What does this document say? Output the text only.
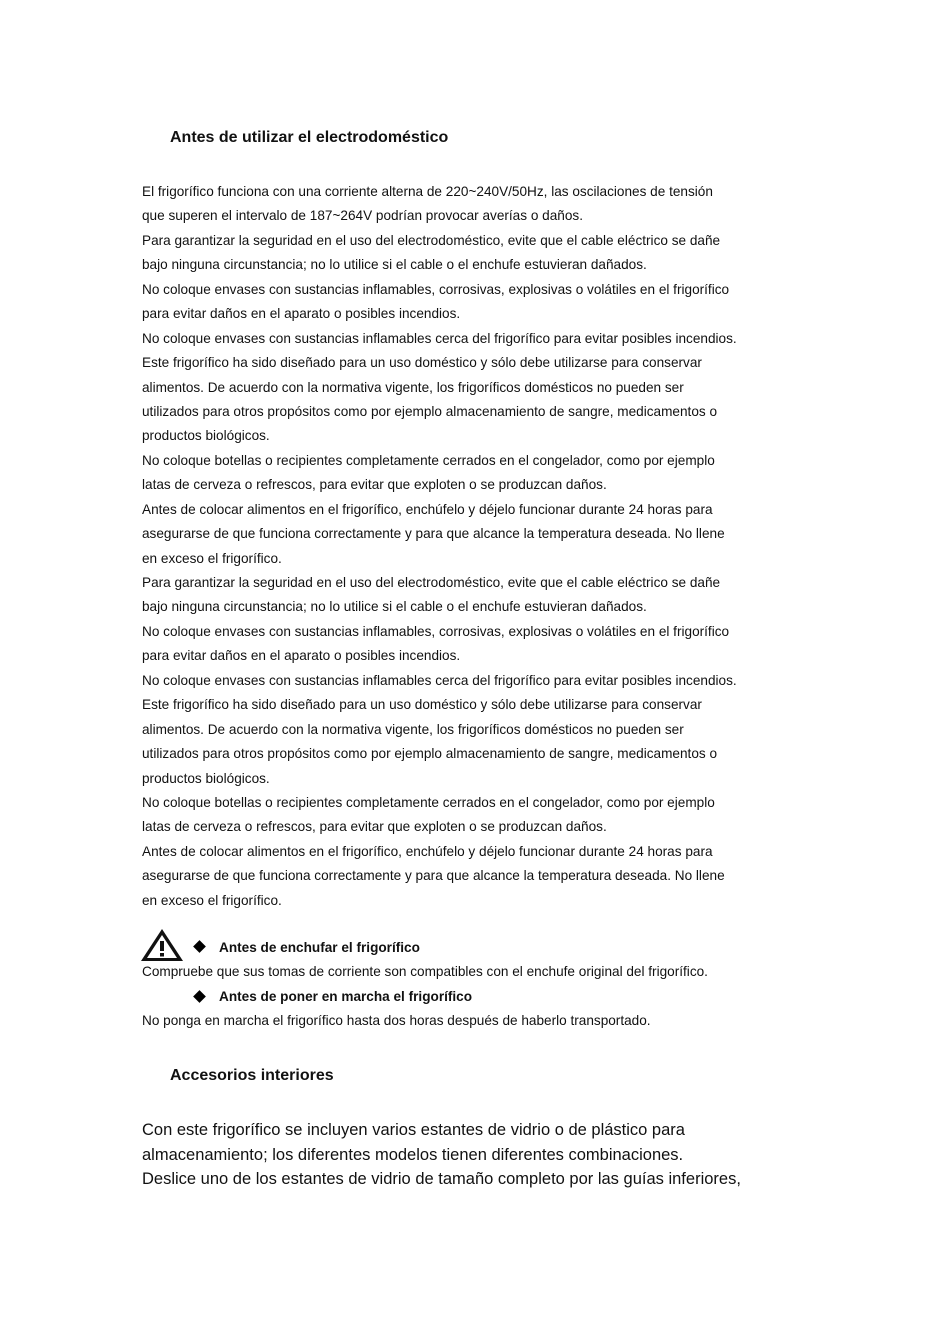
Antes de utilizar el electrodoméstico
El frigorífico funciona con una corriente alterna de 220~240V/50Hz, las oscilaciones de tensión
que superen el intervalo de 187~264V podrían provocar averías o daños.
Para garantizar la seguridad en el uso del electrodoméstico, evite que el cable eléctrico se dañe
bajo ninguna circunstancia; no lo utilice si el cable o el enchufe estuvieran dañados.
No coloque envases con sustancias inflamables, corrosivas, explosivas o volátiles en el frigorífico
para evitar daños en el aparato o posibles incendios.
No coloque envases con sustancias inflamables cerca del frigorífico para evitar posibles incendios.
Este frigorífico ha sido diseñado para un uso doméstico y sólo debe utilizarse para conservar
alimentos. De acuerdo con la normativa vigente, los frigoríficos domésticos no pueden ser
utilizados para otros propósitos como por ejemplo almacenamiento de sangre, medicamentos o
productos biológicos.
No coloque botellas o recipientes completamente cerrados en el congelador, como por ejemplo
latas de cerveza o refrescos, para evitar que exploten o se produzcan daños.
Antes de colocar alimentos en el frigorífico, enchúfelo y déjelo funcionar durante 24 horas para
asegurarse de que funciona correctamente y para que alcance la temperatura deseada. No llene
en exceso el frigorífico.
Para garantizar la seguridad en el uso del electrodoméstico, evite que el cable eléctrico se dañe
bajo ninguna circunstancia; no lo utilice si el cable o el enchufe estuvieran dañados.
No coloque envases con sustancias inflamables, corrosivas, explosivas o volátiles en el frigorífico
para evitar daños en el aparato o posibles incendios.
No coloque envases con sustancias inflamables cerca del frigorífico para evitar posibles incendios.
Este frigorífico ha sido diseñado para un uso doméstico y sólo debe utilizarse para conservar
alimentos. De acuerdo con la normativa vigente, los frigoríficos domésticos no pueden ser
utilizados para otros propósitos como por ejemplo almacenamiento de sangre, medicamentos o
productos biológicos.
No coloque botellas o recipientes completamente cerrados en el congelador, como por ejemplo
latas de cerveza o refrescos, para evitar que exploten o se produzcan daños.
Antes de colocar alimentos en el frigorífico, enchúfelo y déjelo funcionar durante 24 horas para
asegurarse de que funciona correctamente y para que alcance la temperatura deseada. No llene
en exceso el frigorífico.
Antes de enchufar el frigorífico
Compruebe que sus tomas de corriente son compatibles con el enchufe original del frigorífico.
Antes de poner en marcha el frigorífico
No ponga en marcha el frigorífico hasta dos horas después de haberlo transportado.
Accesorios interiores
Con este frigorífico se incluyen varios estantes de vidrio o de plástico para
almacenamiento; los diferentes modelos tienen diferentes combinaciones.
Deslice uno de los estantes de vidrio de tamaño completo por las guías inferiores,
